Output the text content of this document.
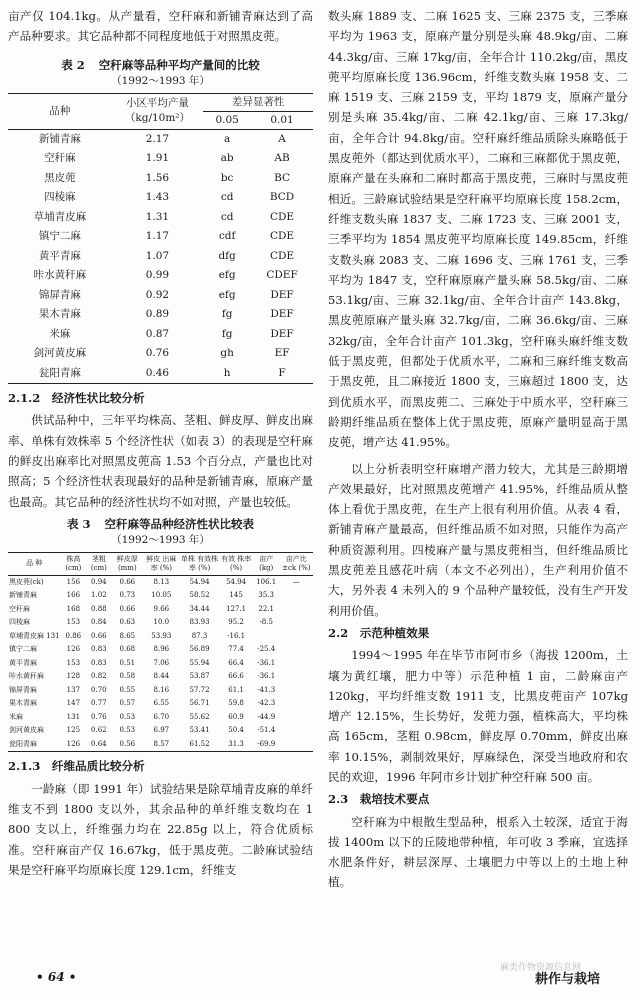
亩产仅 104.1kg。从产量看，空秆麻和新铺青麻达到了高产品种要求。其它品种都不同程度地低于对照黑皮蔸。

表 2 空秆麻等品种平均产量间的比较
（1992～1993 年）
品种	小区平均产量
（kg/10m²）	差异显著性	
		0.05	0.01
新铺青麻	2.17	a	A
空秆麻	1.91	ab	AB
黑皮蔸	1.56	bc	BC
四棱麻	1.43	cd	BCD
草埔青皮麻	1.31	cd	CDE
镇宁二麻	1.17	cdf	CDE
黄平青麻	1.07	dfg	CDE
咔水黄秆麻	0.99	efg	CDEF
锦屏青麻	0.92	efg	DEF
果木青麻	0.89	fg	DEF
米麻	0.87	fg	DEF
剑河黄皮麻	0.76	gh	EF
瓮阳青麻	0.46	h	F
2.1.2　经济性状比较分析

供试品种中，三年平均株高、茎粗、鲜皮厚、鲜皮出麻率、单株有效株率 5 个经济性状（如表 3）的表现是空秆麻的鲜皮出麻率比对照黑皮蔸高 1.53 个百分点，产量也比对照高；5 个经济性状表现最好的品种是新铺青麻，原麻产量也最高。其它品种的经济性状均不如对照，产量也较低。

表 3 空秆麻等品种经济性状比较表
（1992～1993 年）
品 种	株高 (cm)	茎粗 (cm)	鲜皮厚 (mm)	鲜皮 出麻率 (%)	单株 有效株率 (%)	有效 株率 (%)	亩产 (kg)	亩产比 ±ck (%)
黑皮蔸(ck)	156	0.94	0.66	8.13	54.94	54.94	106.1	—
新铺青麻	166	1.02	0.73	10.05	58.52	145	35.3	
空秆麻	168	0.88	0.66	9.66	34.44	127.1	22.1	
四棱麻	153	0.84	0.63	10.0	83.93	95.2	-8.5	
草埔青皮麻 131	0.86	0.66	8.65	53.93	87.3	-16.1		
镇宁二麻	126	0.83	0.68	8.96	56.89	77.4	-25.4	
黄平青麻	153	0.83	0.51	7.06	55.94	66.4	-36.1	
咔水黄秆麻	128	0.82	0.58	8.44	53.87	66.6	-36.1	
锦屏青麻	137	0.70	0.55	8.16	57.72	61.1	-41.3	
果木青麻	147	0.77	0.57	6.55	56.71	59.8	-42.3	
米麻	131	0.76	0.53	6.70	55.62	60.9	-44.9	
剑河黄皮麻	125	0.62	0.53	6.97	53.41	50.4	-51.4	
瓮阳青麻	126	0.64	0.56	8.57	61.52	31.3	-69.9	
2.1.3　纤维品质比较分析

一龄麻（即 1991 年）试验结果是除草埔青皮麻的单纤维支不到 1800 支以外，其余品种的单纤维支数均在 1 800 支以上，纤维强力均在 22.85g 以上，符合优质标准。空秆麻亩产仅 16.67kg，低于黑皮蔸。二龄麻试验结果是空秆麻平均原麻长度 129.1cm，纤维支

数头麻 1889 支、二麻 1625 支、三麻 2375 支，三季麻平均为 1963 支，原麻产量分别是头麻 48.9kg/亩、二麻 44.3kg/亩、三麻 17kg/亩，全年合计 110.2kg/亩，黑皮蔸平均原麻长度 136.96cm，纤维支数头麻 1958 支、二麻 1519 支、三麻 2159 支，平均 1879 支，原麻产量分别是头麻 35.4kg/亩、二麻 42.1kg/亩、三麻 17.3kg/亩，全年合计 94.8kg/亩。空秆麻纤维品质除头麻略低于黑皮蔸外（都达到优质水平），二麻和三麻都优于黑皮蔸，原麻产量在头麻和二麻时都高于黑皮蔸，三麻时与黑皮蔸相近。三龄麻试验结果是空秆麻平均原麻长度 158.2cm，纤维支数头麻 1837 支、二麻 1723 支、三麻 2001 支，三季平均为 1854 黑皮蔸平均原麻长度 149.85cm，纤维支数头麻 2083 支、二麻 1696 支、三麻 1761 支，三季平均为 1847 支，空秆麻原麻产量头麻 58.5kg/亩、二麻 53.1kg/亩、三麻 32.1kg/亩、全年合计亩产 143.8kg，黑皮蔸原麻产量头麻 32.7kg/亩，二麻 36.6kg/亩、三麻 32kg/亩，全年合计亩产 101.3kg，空秆麻头麻纤维支数低于黑皮蔸，但都处于优质水平，二麻和三麻纤维支数高于黑皮蔸，且二麻接近 1800 支，三麻超过 1800 支，达到优质水平，而黑皮蔸二、三麻处于中质水平，空秆麻三龄期纤维品质在整体上优于黑皮蔸，原麻产量明显高于黑皮蔸，增产达 41.95%。

以上分析表明空秆麻增产潜力较大，尤其是三龄期增产效果最好，比对照黑皮蔸增产 41.95%，纤维品质从整体上看优于黑皮蔸，在生产上很有利用价值。从表 4 看，新铺青麻产量最高，但纤维品质不如对照，只能作为高产种质资源利用。四棱麻产量与黑皮蔸相当，但纤维品质比黑皮蔸差且感花叶病（本文不必列出），生产利用价值不大，另外表 4 未列入的 9 个品种产量较低，没有生产开发利用价值。

2.2　示范种植效果

1994～1995 年在毕节市阿市乡（海拔 1200m，土壤为黄红壤，肥力中等）示范种植 1 亩，二龄麻亩产 120kg，平均纤维支数 1911 支，比黑皮蔸亩产 107kg 增产 12.15%，生长势好，发蔸力强，植株高大，平均株高 165cm，茎粗 0.98cm，鲜皮厚 0.70mm，鲜皮出麻率 10.15%，剥制效果好，厚麻绿色，深受当地政府和农民的欢迎，1996 年阿市乡计划扩种空秆麻 500 亩。

2.3　栽培技术要点

空秆麻为中根散生型品种，根系入土较深，适宜于海拔 1400m 以下的丘陵地带种植，年可收 3 季麻，宜选择水肥条件好，耕层深厚、土壤肥力中等以上的土地上种植。

• 64 •
麻类作物资源信息网
耕作与栽培
